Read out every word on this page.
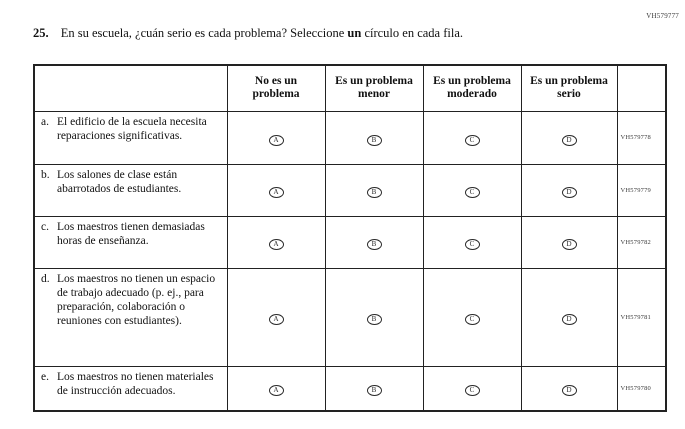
VH579777
25. En su escuela, ¿cuán serio es cada problema? Seleccione un círculo en cada fila.
	No es un problema	Es un problema menor	Es un problema moderado	Es un problema serio	

a. El edificio de la escuela necesita reparaciones significativas.	A	B	C	D	VH579778

b. Los salones de clase están abarrotados de estudiantes.	A	B	C	D	VH579779

c. Los maestros tienen demasiadas horas de enseñanza.	A	B	C	D	VH579782

d. Los maestros no tienen un espacio de trabajo adecuado (p. ej., para preparación, colaboración o reuniones con estudiantes).	A	B	C	D	VH579781

e. Los maestros no tienen materiales de instrucción adecuados.	A	B	C	D	VH579780
